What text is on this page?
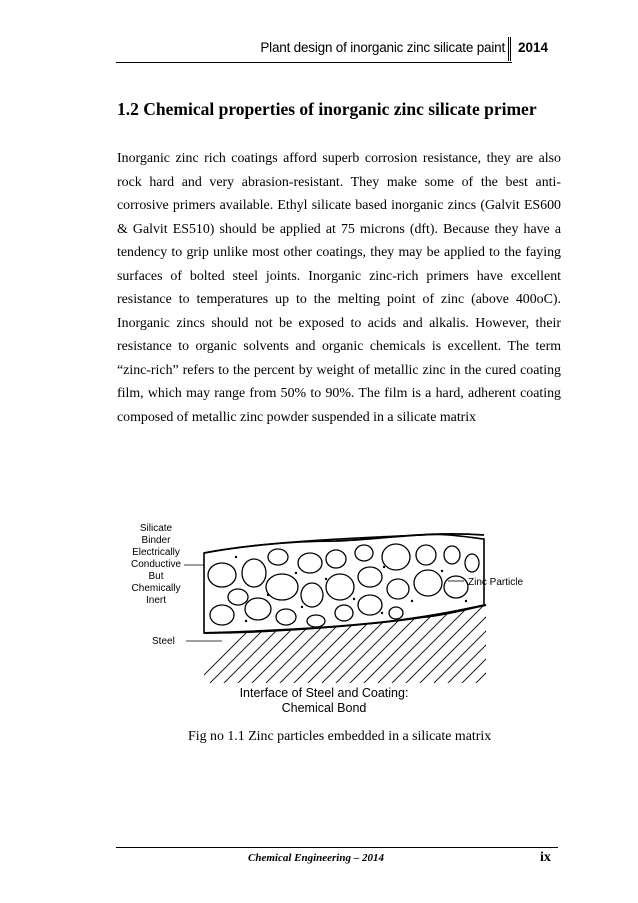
Plant design of inorganic zinc silicate paint 2014
1.2 Chemical properties of inorganic zinc silicate primer

Inorganic zinc rich coatings afford superb corrosion resistance, they are also rock hard and very abrasion-resistant. They make some of the best anti-corrosive primers available. Ethyl silicate based inorganic zincs (Galvit ES600 & Galvit ES510) should be applied at 75 microns (dft). Because they have a tendency to grip unlike most other coatings, they may be applied to the faying surfaces of bolted steel joints. Inorganic zinc-rich primers have excellent resistance to temperatures up to the melting point of zinc (above 400oC). Inorganic zincs should not be exposed to acids and alkalis. However, their resistance to organic solvents and organic chemicals is excellent. The term “zinc-rich” refers to the percent by weight of metallic zinc in the cured coating film, which may range from 50% to 90%. The film is a hard, adherent coating composed of metallic zinc powder suspended in a silicate matrix

Silicate
Binder
Electrically
Conductive
But
Chemically
Inert
Steel
Zinc Particle
Interface of Steel and Coating:
Chemical Bond
Fig no 1.1 Zinc particles embedded in a silicate matrix
Chemical Engineering – 2014	ix
